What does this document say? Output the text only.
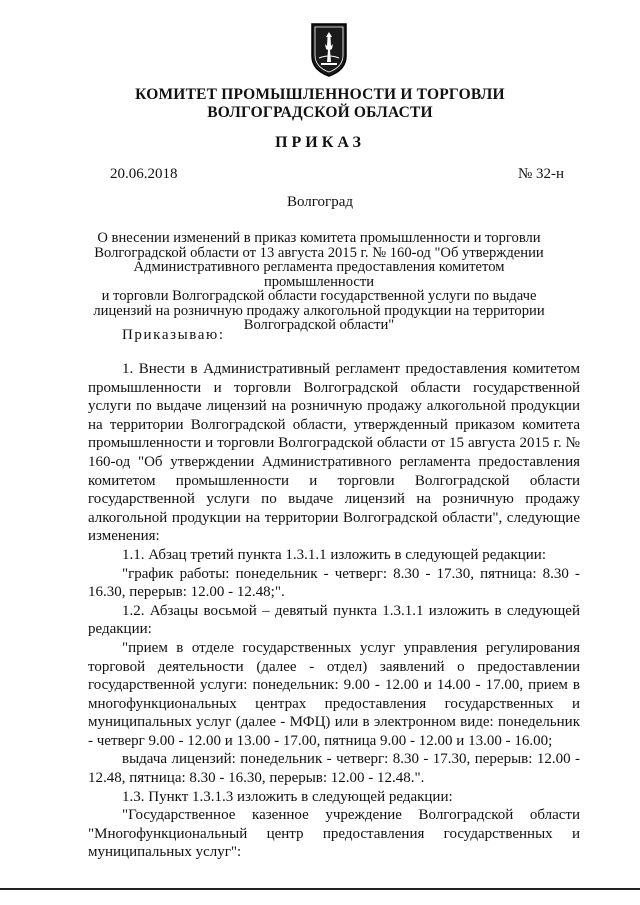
КОМИТЕТ ПРОМЫШЛЕННОСТИ И ТОРГОВЛИ
ВОЛГОГРАДСКОЙ ОБЛАСТИ
ПРИКАЗ
20.06.2018	№ 32-н
Волгоград
О внесении изменений в приказ комитета промышленности и торговли
Волгоградской области от 13 августа 2015 г. № 160-од "Об утверждении
Административного регламента предоставления комитетом промышленности
и торговли Волгоградской области государственной услуги по выдаче
лицензий на розничную продажу алкогольной продукции на территории
Волгоградской области"
Приказываю:

1. Внести в Административный регламент предоставления комитетом промышленности и торговли Волгоградской области государственной услуги по выдаче лицензий на розничную продажу алкогольной продукции на территории Волгоградской области, утвержденный приказом комитета промышленности и торговли Волгоградской области от 15 августа 2015 г. № 160-од "Об утверждении Административного регламента предоставления комитетом промышленности и торговли Волгоградской области государственной услуги по выдаче лицензий на розничную продажу алкогольной продукции на территории Волгоградской области", следующие изменения:

1.1. Абзац третий пункта 1.3.1.1 изложить в следующей редакции:

"график работы: понедельник - четверг: 8.30 - 17.30, пятница: 8.30 - 16.30, перерыв: 12.00 - 12.48;".

1.2. Абзацы восьмой – девятый пункта 1.3.1.1 изложить в следующей редакции:

"прием в отделе государственных услуг управления регулирования торговой деятельности (далее - отдел) заявлений о предоставлении государственной услуги: понедельник: 9.00 - 12.00 и 14.00 - 17.00, прием в многофункциональных центрах предоставления государственных и муниципальных услуг (далее - МФЦ) или в электронном виде: понедельник - четверг 9.00 - 12.00 и 13.00 - 17.00, пятница 9.00 - 12.00 и 13.00 - 16.00;

выдача лицензий: понедельник - четверг: 8.30 - 17.30, перерыв: 12.00 - 12.48, пятница: 8.30 - 16.30, перерыв: 12.00 - 12.48.".

1.3. Пункт 1.3.1.3 изложить в следующей редакции:

"Государственное казенное учреждение Волгоградской области "Многофункциональный центр предоставления государственных и муниципальных услуг":
